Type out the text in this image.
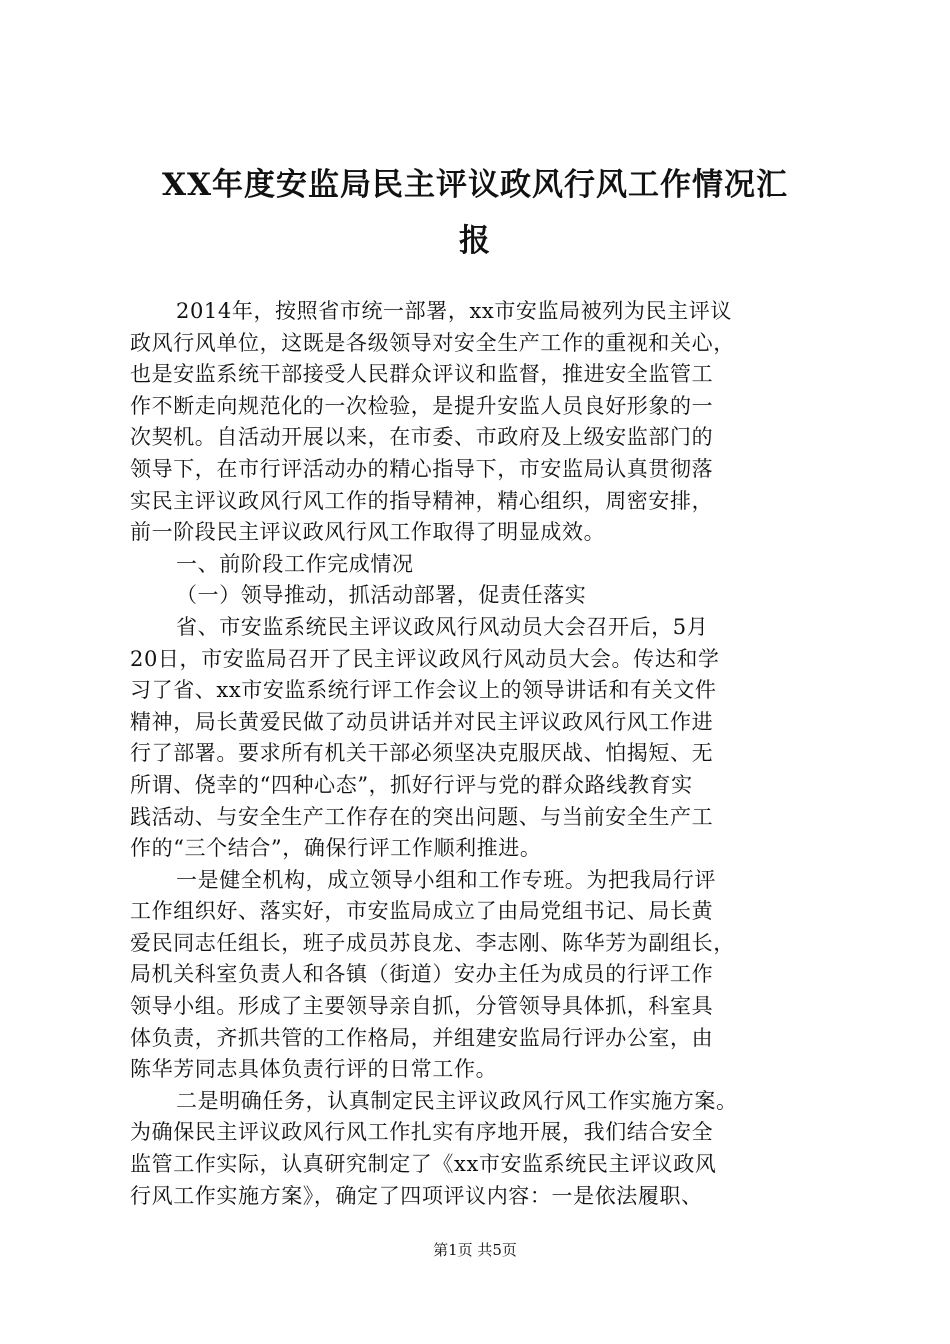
XX年度安监局民主评议政风行风工作情况汇
报
2014年，按照省市统一部署，xx市安监局被列为民主评议
政风行风单位，这既是各级领导对安全生产工作的重视和关心，
也是安监系统干部接受人民群众评议和监督，推进安全监管工
作不断走向规范化的一次检验，是提升安监人员良好形象的一
次契机。自活动开展以来，在市委、市政府及上级安监部门的
领导下，在市行评活动办的精心指导下，市安监局认真贯彻落
实民主评议政风行风工作的指导精神，精心组织，周密安排，
前一阶段民主评议政风行风工作取得了明显成效。
一、前阶段工作完成情况
（一）领导推动，抓活动部署，促责任落实
省、市安监系统民主评议政风行风动员大会召开后，5月
20日，市安监局召开了民主评议政风行风动员大会。传达和学
习了省、xx市安监系统行评工作会议上的领导讲话和有关文件
精神，局长黄爱民做了动员讲话并对民主评议政风行风工作进
行了部署。要求所有机关干部必须坚决克服厌战、怕揭短、无
所谓、侥幸的“四种心态”，抓好行评与党的群众路线教育实
践活动、与安全生产工作存在的突出问题、与当前安全生产工
作的“三个结合”，确保行评工作顺利推进。
一是健全机构，成立领导小组和工作专班。为把我局行评
工作组织好、落实好，市安监局成立了由局党组书记、局长黄
爱民同志任组长，班子成员苏良龙、李志刚、陈华芳为副组长，
局机关科室负责人和各镇（街道）安办主任为成员的行评工作
领导小组。形成了主要领导亲自抓，分管领导具体抓，科室具
体负责，齐抓共管的工作格局，并组建安监局行评办公室，由
陈华芳同志具体负责行评的日常工作。
二是明确任务，认真制定民主评议政风行风工作实施方案。
为确保民主评议政风行风工作扎实有序地开展，我们结合安全
监管工作实际，认真研究制定了《xx市安监系统民主评议政风
行风工作实施方案》，确定了四项评议内容：一是依法履职、
第1页 共5页
